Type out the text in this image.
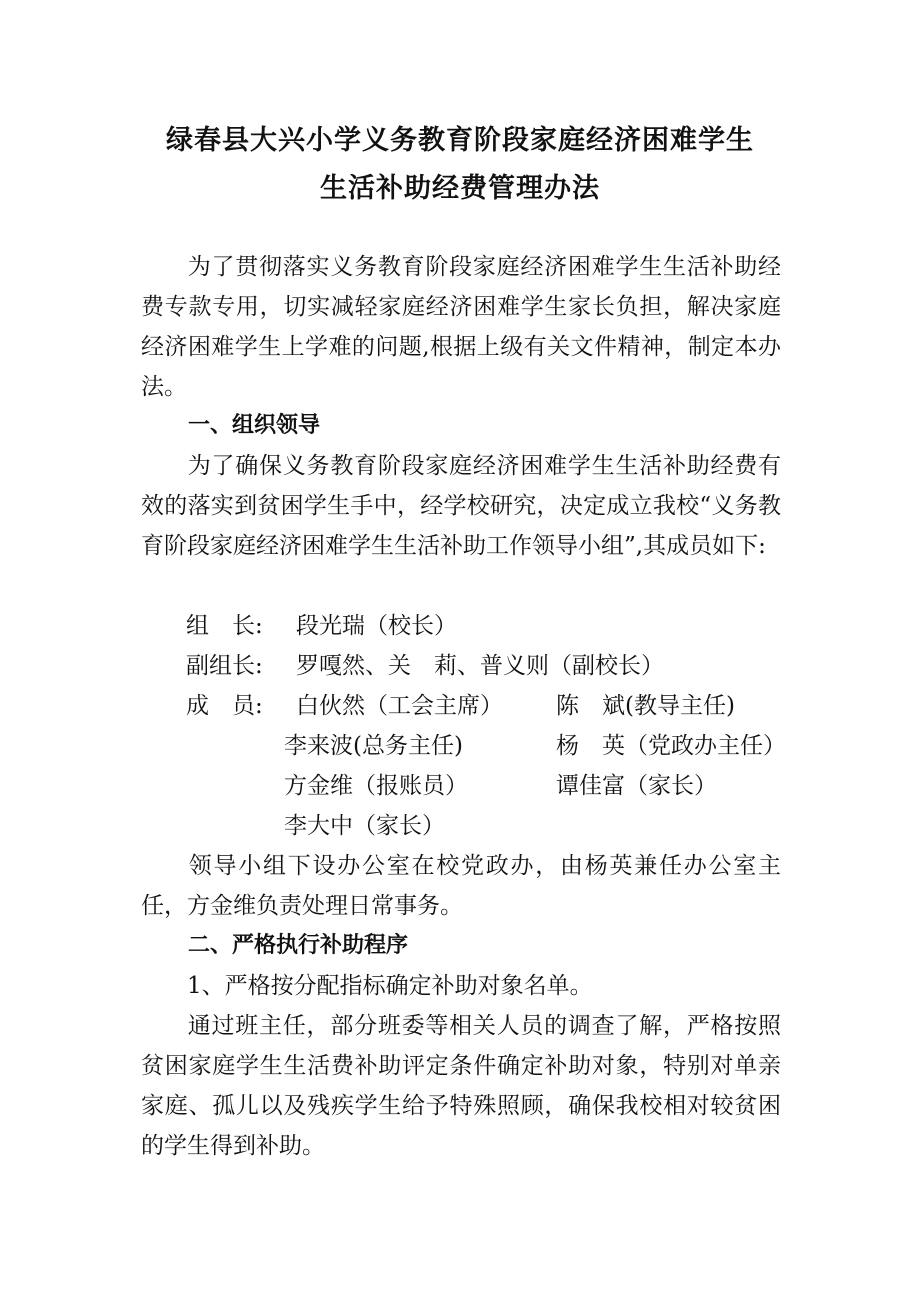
绿春县大兴小学义务教育阶段家庭经济困难学生
生活补助经费管理办法

为了贯彻落实义务教育阶段家庭经济困难学生生活补助经费专款专用，切实减轻家庭经济困难学生家长负担，解决家庭经济困难学生上学难的问题,根据上级有关文件精神，制定本办法。

一、组织领导

为了确保义务教育阶段家庭经济困难学生生活补助经费有效的落实到贫困学生手中，经学校研究，决定成立我校“义务教育阶段家庭经济困难学生生活补助工作领导小组”,其成员如下:

组　长: 段光瑞（校长）
副组长: 罗嘎然、关　莉、普义则（副校长）
成　员: 白伙然（工会主席） 陈　斌(教导主任)
李来波(总务主任)	杨　英（党政办主任）
方金维（报账员）	谭佳富（家长）
李大中（家长）

领导小组下设办公室在校党政办，由杨英兼任办公室主任，方金维负责处理日常事务。

二、严格执行补助程序
1、严格按分配指标确定补助对象名单。

通过班主任，部分班委等相关人员的调查了解，严格按照贫困家庭学生生活费补助评定条件确定补助对象，特别对单亲家庭、孤儿以及残疾学生给予特殊照顾，确保我校相对较贫困的学生得到补助。
